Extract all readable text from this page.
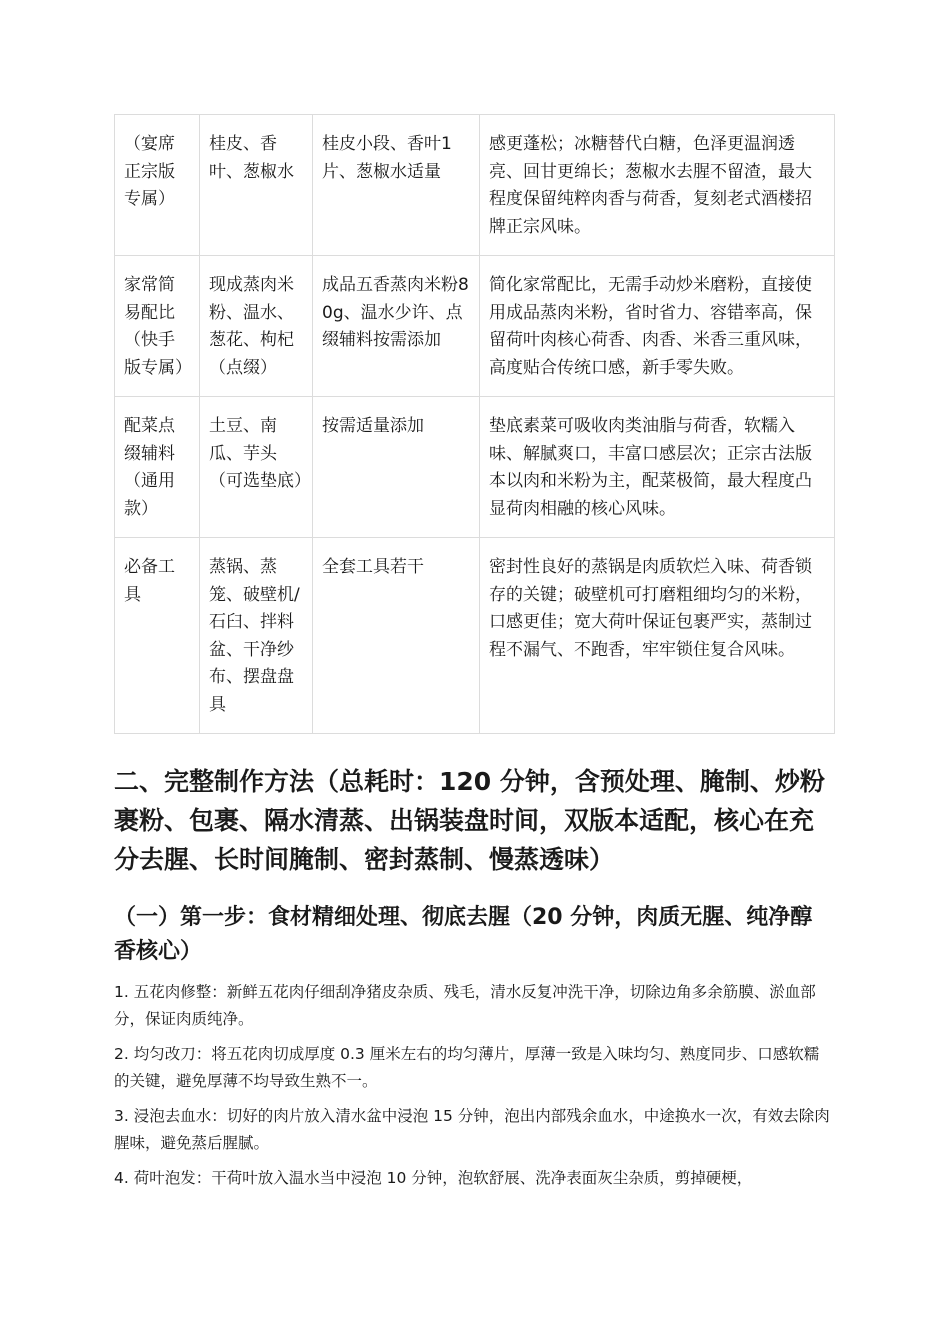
（宴席正宗版专属）	桂皮、香叶、葱椒水	桂皮小段、香叶1片、葱椒水适量	感更蓬松；冰糖替代白糖，色泽更温润透亮、回甘更绵长；葱椒水去腥不留渣，最大程度保留纯粹肉香与荷香，复刻老式酒楼招牌正宗风味。
家常简易配比（快手版专属）	现成蒸肉米粉、温水、葱花、枸杞（点缀）	成品五香蒸肉米粉80g、温水少许、点缀辅料按需添加	简化家常配比，无需手动炒米磨粉，直接使用成品蒸肉米粉，省时省力、容错率高，保留荷叶肉核心荷香、肉香、米香三重风味，高度贴合传统口感，新手零失败。
配菜点缀辅料（通用款）	土豆、南瓜、芋头（可选垫底）	按需适量添加	垫底素菜可吸收肉类油脂与荷香，软糯入味、解腻爽口，丰富口感层次；正宗古法版本以肉和米粉为主，配菜极简，最大程度凸显荷肉相融的核心风味。
必备工具	蒸锅、蒸笼、破壁机/石臼、拌料盆、干净纱布、摆盘盘具	全套工具若干	密封性良好的蒸锅是肉质软烂入味、荷香锁存的关键；破壁机可打磨粗细均匀的米粉，口感更佳；宽大荷叶保证包裹严实，蒸制过程不漏气、不跑香，牢牢锁住复合风味。
二、完整制作方法（总耗时：120 分钟，含预处理、腌制、炒粉裹粉、包裹、隔水清蒸、出锅装盘时间，双版本适配，核心在充分去腥、长时间腌制、密封蒸制、慢蒸透味）
（一）第一步：食材精细处理、彻底去腥（20 分钟，肉质无腥、纯净醇香核心）

1. 五花肉修整：新鲜五花肉仔细刮净猪皮杂质、残毛，清水反复冲洗干净，切除边角多余筋膜、淤血部分，保证肉质纯净。

2. 均匀改刀：将五花肉切成厚度 0.3 厘米左右的均匀薄片，厚薄一致是入味均匀、熟度同步、口感软糯的关键，避免厚薄不均导致生熟不一。

3. 浸泡去血水：切好的肉片放入清水盆中浸泡 15 分钟，泡出内部残余血水，中途换水一次，有效去除肉腥味，避免蒸后腥腻。

4. 荷叶泡发：干荷叶放入温水当中浸泡 10 分钟，泡软舒展、洗净表面灰尘杂质，剪掉硬梗，
